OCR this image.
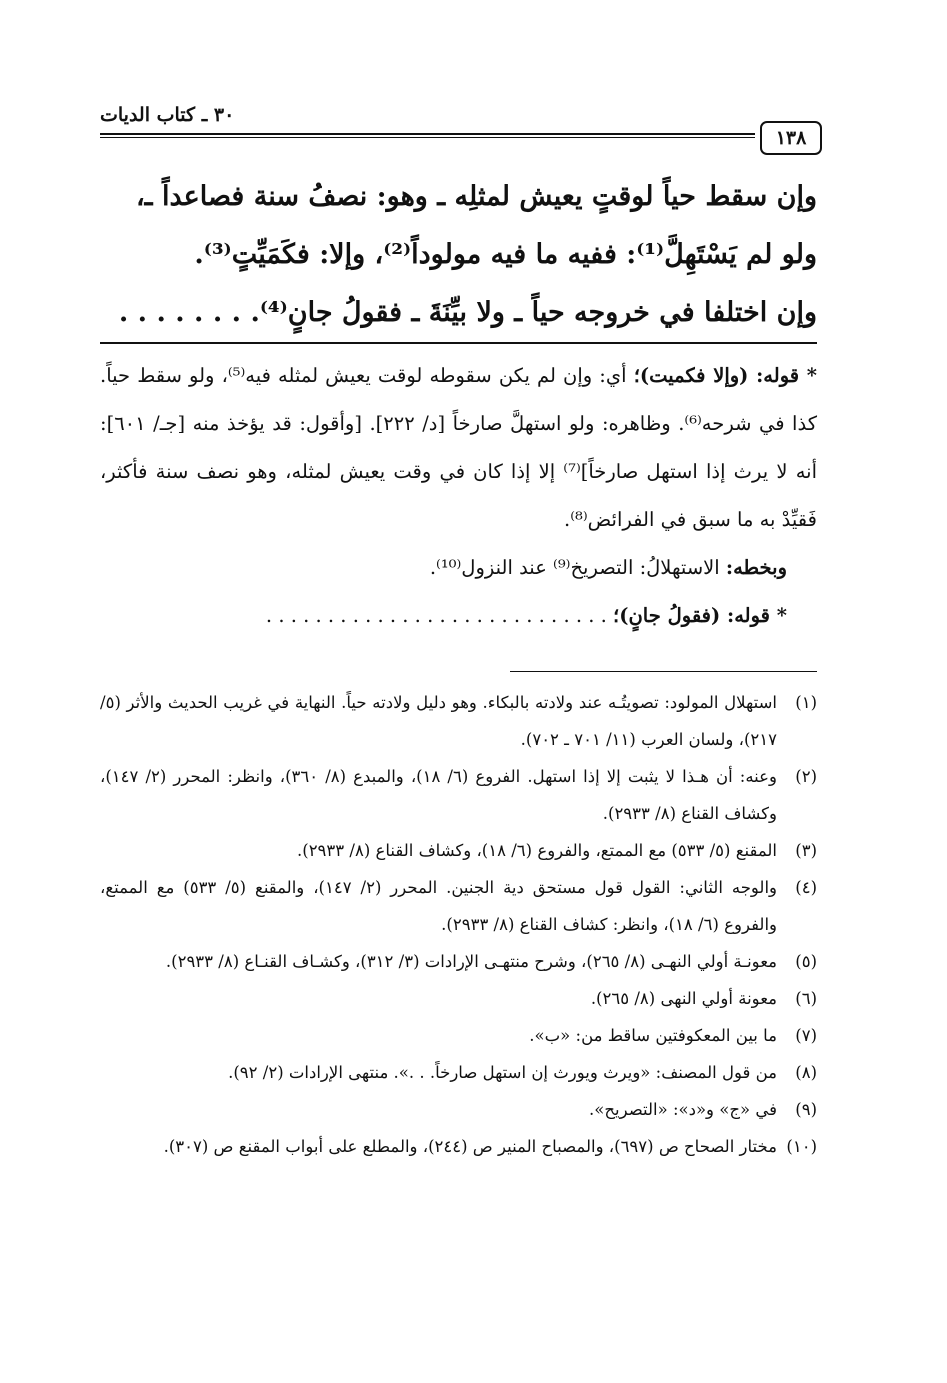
٣٠ ـ كتاب الديات
١٣٨

وإن سقط حياً لوقتٍ يعيش لمثلِه ـ وهو: نصفُ سنة فصاعداً ـ،

ولو لم يَسْتَهِلَّ⁽¹⁾: ففيه ما فيه مولوداً⁽²⁾، وإلا: فكَمَيِّتٍ⁽³⁾.

وإن اختلفا في خروجه حياً ـ ولا بيِّنَةَ ـ فقولُ جانٍ⁽⁴⁾. . . . . . . .

* قوله: (وإلا فكميت)؛ أي: وإن لم يكن سقوطه لوقت يعيش لمثله فيه⁽⁵⁾، ولو سقط حياً. كذا في شرحه⁽⁶⁾. وظاهره: ولو استهلَّ صارخاً [د/ ٢٢٢]. [وأقول: قد يؤخذ منه [جـ/ ٦٠١]: أنه لا يرث إذا استهل صارخاً]⁽⁷⁾ إلا إذا كان في وقت يعيش لمثله، وهو نصف سنة فأكثر، فَقيِّدْ به ما سبق في الفرائض⁽⁸⁾.

وبخطه: الاستهلالُ: التصريخ⁽⁹⁾ عند النزول⁽¹⁰⁾.

* قوله: (فقولُ جانٍ)؛ . . . . . . . . . . . . . . . . . . . . . . . . . . . .

(١)
استهلال المولود: تصويتُـه عند ولادته بالبكاء. وهو دليل ولادته حياً. النهاية في غريب الحديث والأثر (٥/ ٢١٧)، ولسان العرب (١١/ ٧٠١ ـ ٧٠٢).
(٢)
وعنه: أن هـذا لا يثبت إلا إذا استهل. الفروع (٦/ ١٨)، والمبدع (٨/ ٣٦٠)، وانظر: المحرر (٢/ ١٤٧)، وكشاف القناع (٨/ ٢٩٣٣).
(٣)
المقنع (٥/ ٥٣٣) مع الممتع، والفروع (٦/ ١٨)، وكشاف القناع (٨/ ٢٩٣٣).
(٤)
والوجه الثاني: القول قول مستحق دية الجنين. المحرر (٢/ ١٤٧)، والمقنع (٥/ ٥٣٣) مع الممتع، والفروع (٦/ ١٨)، وانظر: كشاف القناع (٨/ ٢٩٣٣).
(٥)
معونـة أولي النهـى (٨/ ٢٦٥)، وشرح منتهـى الإرادات (٣/ ٣١٢)، وكشـاف القنـاع (٨/ ٢٩٣٣).
(٦)
معونة أولي النهى (٨/ ٢٦٥).
(٧)
ما بين المعكوفتين ساقط من: «ب».
(٨)
من قول المصنف: «ويرث ويورث إن استهل صارخاً. . .». منتهى الإرادات (٢/ ٩٢).
(٩)
في «ج» و«د»: «التصريح».
(١٠)
مختار الصحاح ص (٦٩٧)، والمصباح المنير ص (٢٤٤)، والمطلع على أبواب المقنع ص (٣٠٧).
